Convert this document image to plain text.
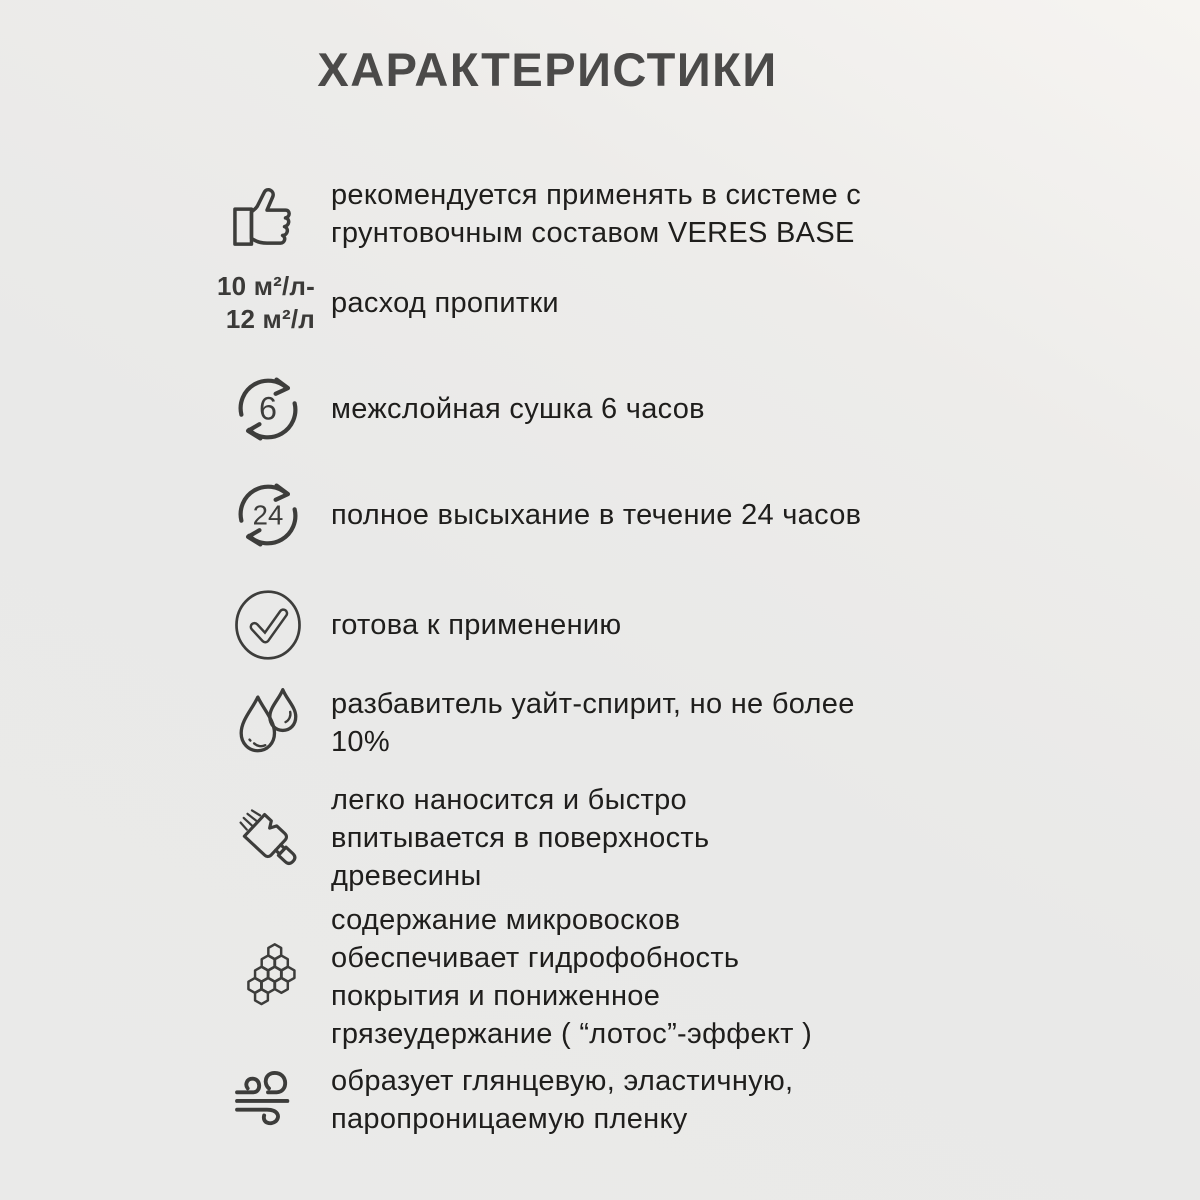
ХАРАКТЕРИСТИКИ
рекомендуется применять в системе с
грунтовочным составом VERES BASE
10 м²/л-
12 м²/л расход пропитки
6 межслойная сушка 6 часов
24 полное высыхание в течение 24 часов
готова к применению
разбавитель уайт-спирит, но не более
10%
легко наносится и быстро
впитывается в поверхность
древесины
содержание микровосков
обеспечивает гидрофобность
покрытия и пониженное
грязеудержание ( “лотос”-эффект )
образует глянцевую, эластичную,
паропроницаемую пленку
